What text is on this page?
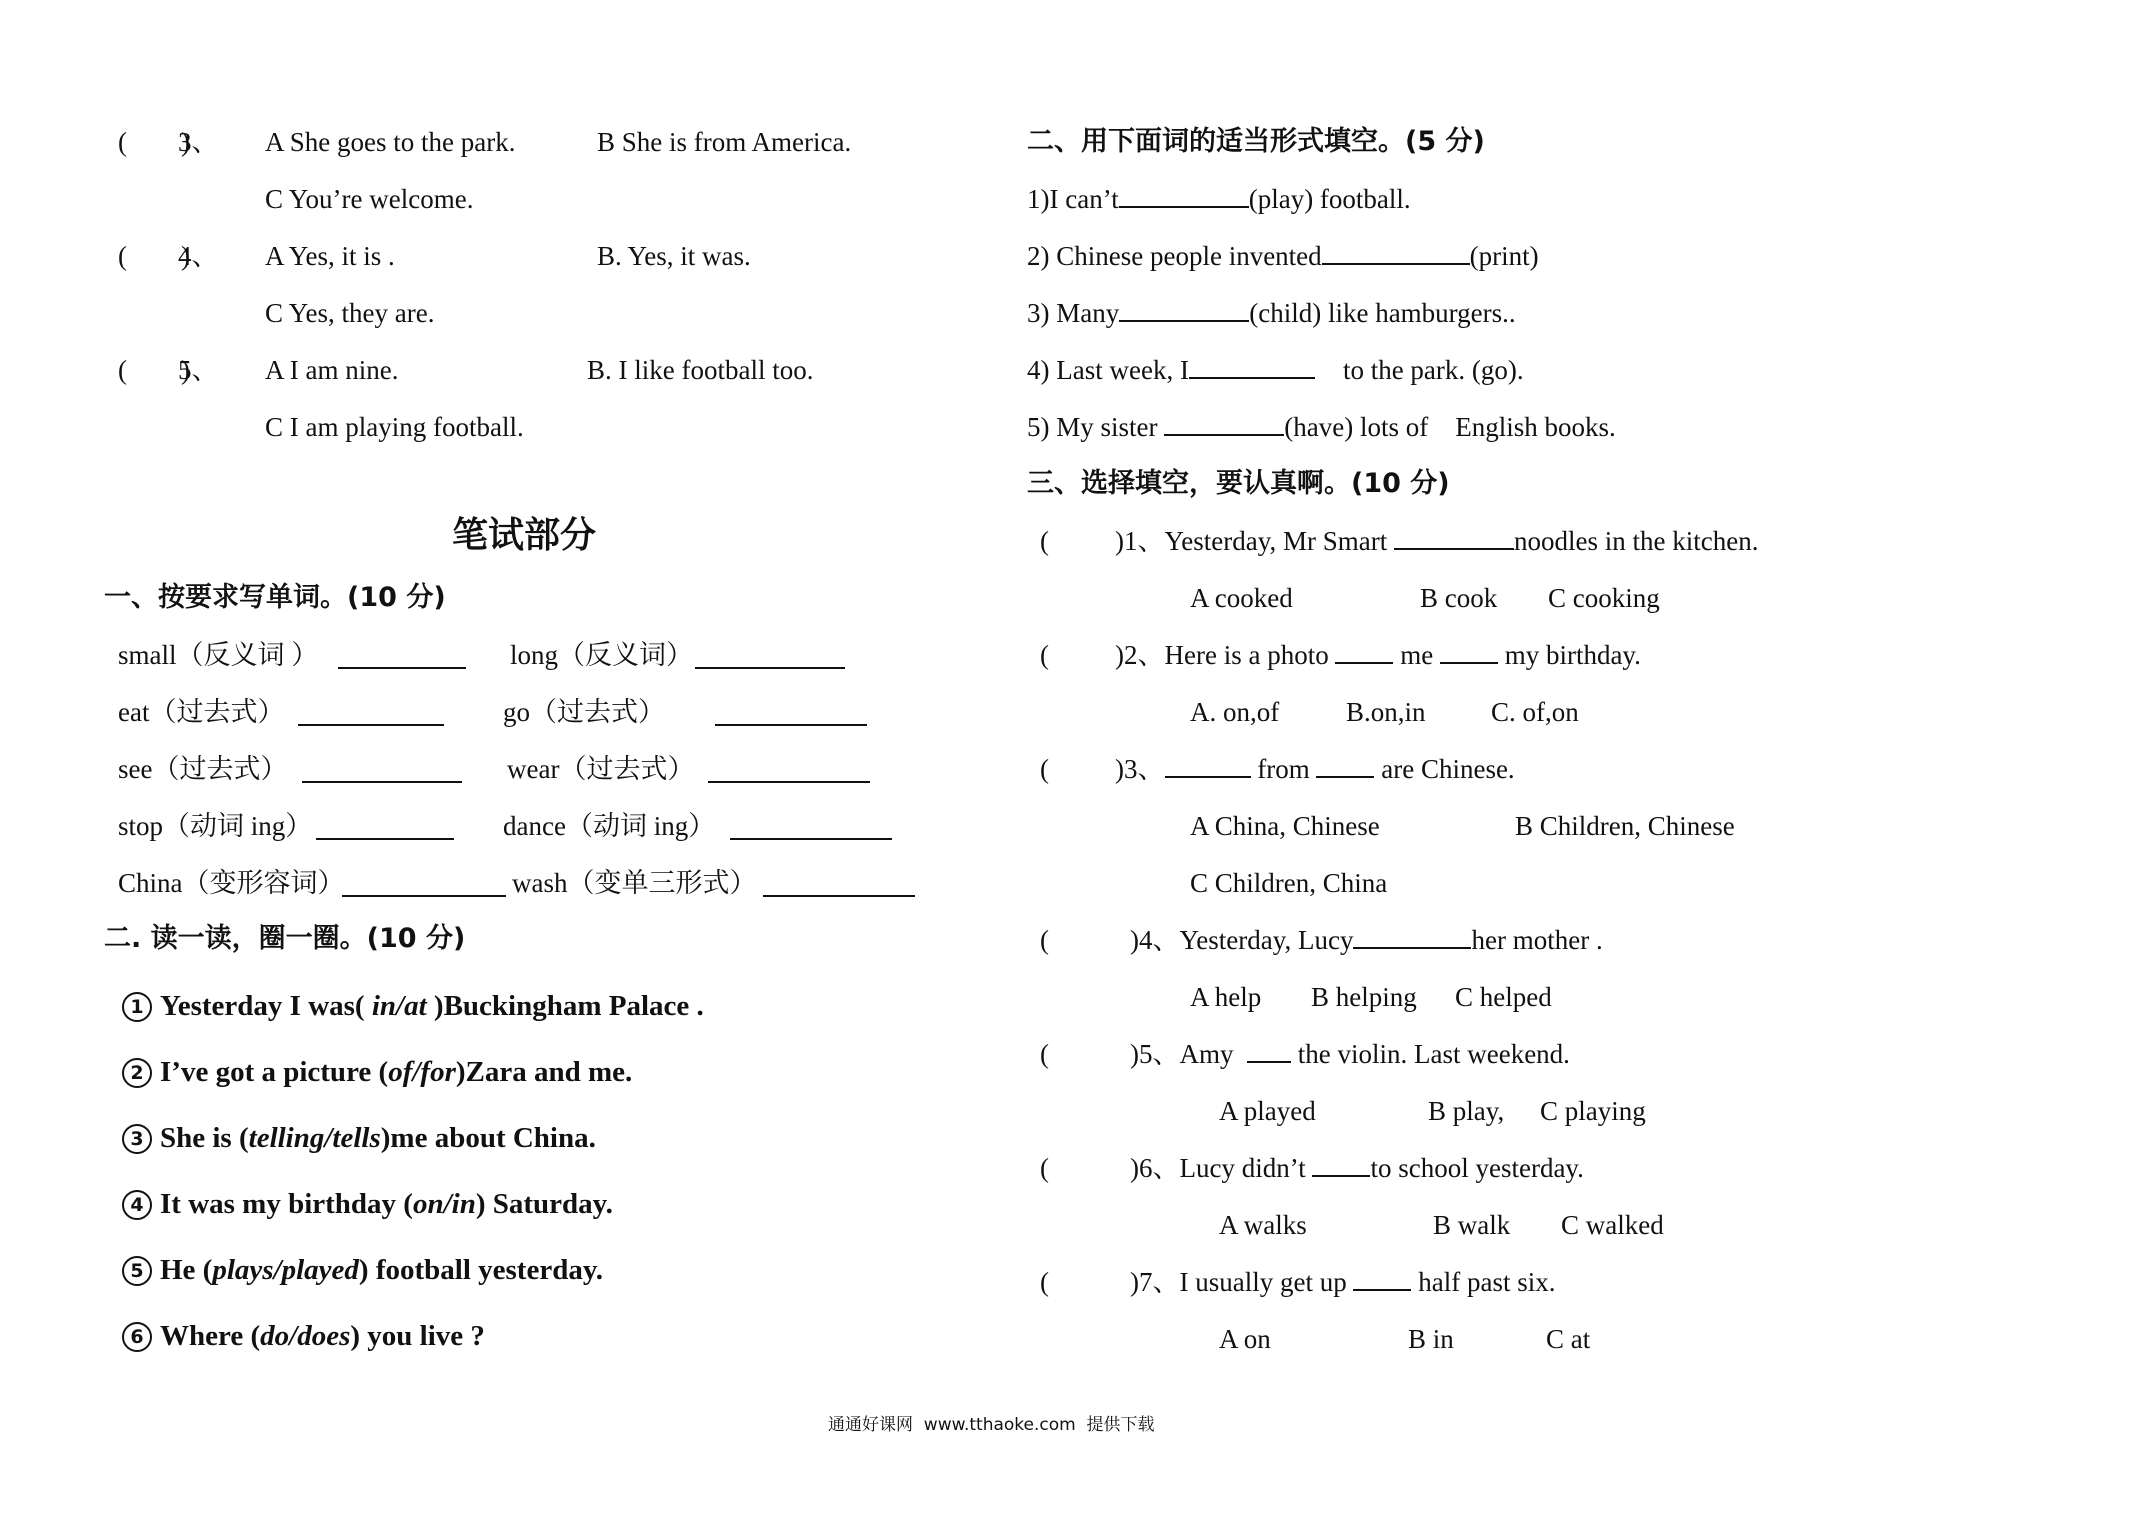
(　　)
3、 A She goes to the park.	B She is from America.
C You’re welcome.
(　　)
4、 A Yes, it is .	B. Yes, it was.
C Yes, they are.
(　　)
5、 A I am nine.	B. I like football too.
C I am playing football.
笔试部分
一、按要求写单词。(10 分)
small（反义词 ）	long（反义词）
eat（过去式）	go（过去式）
see（过去式）	wear（过去式）
stop（动词 ing）	dance（动词 ing）
China（变形容词）	wash（变单三形式）
二. 读一读，圈一圈。(10 分)
1 Yesterday I was( in/at )Buckingham Palace .
2 I’ve got a picture (of/for)Zara and me.
3 She is (telling/tells)me about China.
4 It was my birthday (on/in) Saturday.
5 He (plays/played) football yesterday.
6 Where (do/does) you live ?
二、用下面词的适当形式填空。(5 分)
1)I can’t	(play) football.
2) Chinese people invented	(print)
3) Many	(child) like hamburgers..
4) Last week, I	to the park. (go).
5) My sister	(have) lots of    English books.
三、选择填空，要认真啊。(10 分)
( )1、Yesterday, Mr Smart	noodles in the kitchen.
A cooked	B cook C cooking
( )2、Here is a photo  me  my birthday.
A. on,of B.on,in C. of,on
( )3、	from  are Chinese.
A China, Chinese	B Children, Chinese
C Children, China
(	)4、Yesterday, Lucy	her mother .
A help B helping C helped
(	)5、Amy   the violin. Last weekend.
A played	B play, C playing
(	)6、Lucy didn’t to school yesterday.
A walks	B walk C walked
(	)7、I usually get up  half past six.
A on	B in	C at
通通好课网  www.tthaoke.com  提供下载
